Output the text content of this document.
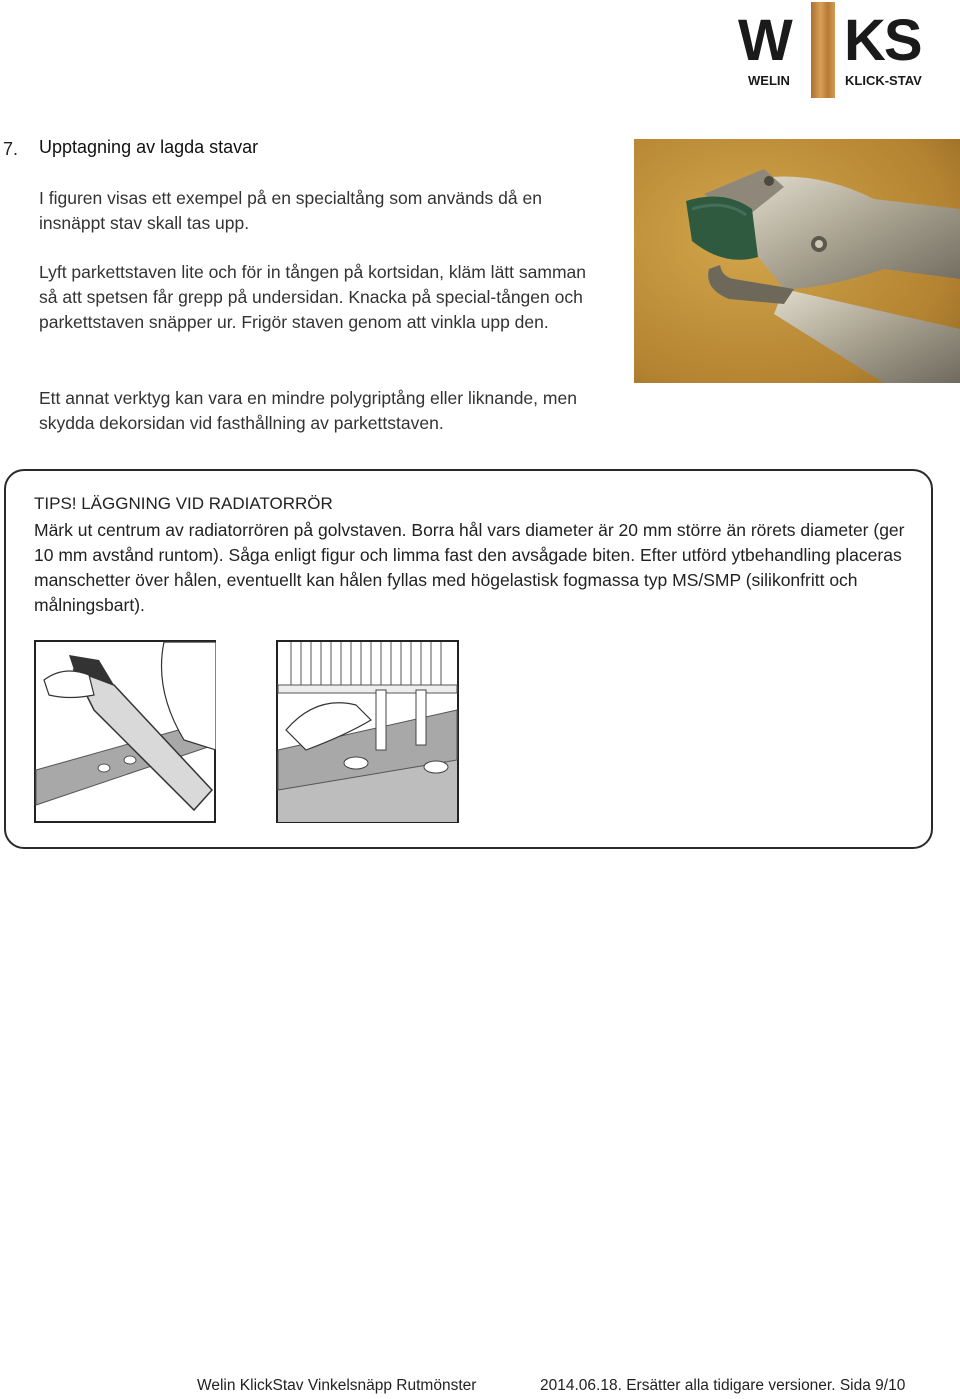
W KS
WELIN	KLICK-STAV
7. Upptagning av lagda stavar
I figuren visas ett exempel på en specialtång som används då en insnäppt stav skall tas upp.
Lyft parkettstaven lite och för in tången på kortsidan, kläm lätt samman så att spetsen får grepp på undersidan. Knacka på special-tången och parkettstaven snäpper ur. Frigör staven genom att vinkla upp den.
Ett annat verktyg kan vara en mindre polygriptång eller liknande, men skydda dekorsidan vid fasthållning av parkettstaven.
TIPS! LÄGGNING VID RADIATORRÖR
Märk ut centrum av radiatorrören på golvstaven. Borra hål vars diameter är 20 mm större än rörets diameter (ger 10 mm avstånd runtom). Såga enligt figur och limma fast den avsågade biten. Efter utförd ytbehandling placeras manschetter över hålen, eventuellt kan hålen fyllas med högelastisk fogmassa typ MS/SMP (silikonfritt och målningsbart).
Welin KlickStav Vinkelsnäpp Rutmönster	2014.06.18. Ersätter alla tidigare versioner. Sida 9/10
